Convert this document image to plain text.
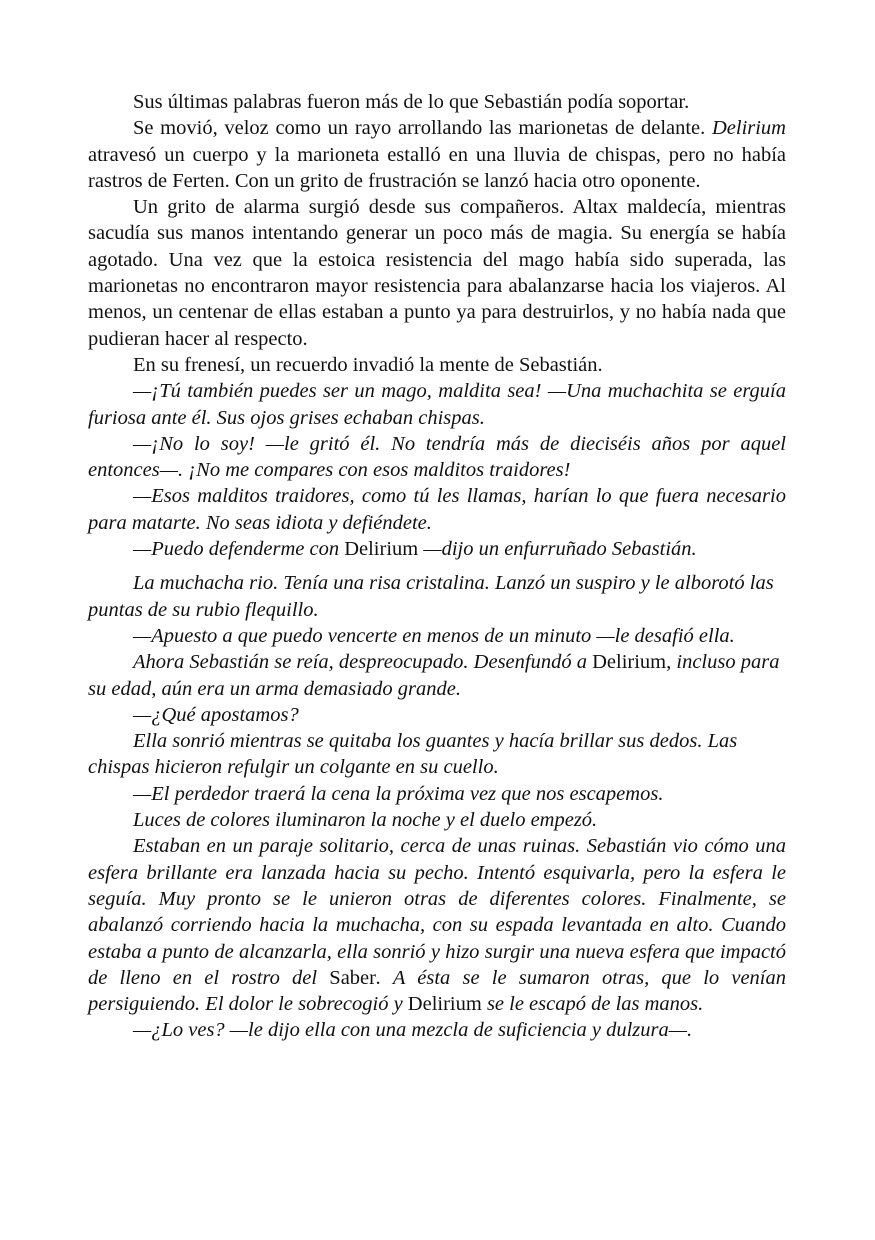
Sus últimas palabras fueron más de lo que Sebastián podía soportar.

Se movió, veloz como un rayo arrollando las marionetas de delante. Delirium atravesó un cuerpo y la marioneta estalló en una lluvia de chispas, pero no había rastros de Ferten. Con un grito de frustración se lanzó hacia otro oponente.

Un grito de alarma surgió desde sus compañeros. Altax maldecía, mientras sacudía sus manos intentando generar un poco más de magia. Su energía se había agotado. Una vez que la estoica resistencia del mago había sido superada, las marionetas no encontraron mayor resistencia para abalanzarse hacia los viajeros. Al menos, un centenar de ellas estaban a punto ya para destruirlos, y no había nada que pudieran hacer al respecto.

En su frenesí, un recuerdo invadió la mente de Sebastián.

—¡Tú también puedes ser un mago, maldita sea! —Una muchachita se erguía furiosa ante él. Sus ojos grises echaban chispas.

—¡No lo soy! —le gritó él. No tendría más de dieciséis años por aquel entonces—. ¡No me compares con esos malditos traidores!

—Esos malditos traidores, como tú les llamas, harían lo que fuera necesario para matarte. No seas idiota y defiéndete.

—Puedo defenderme con Delirium —dijo un enfurruñado Sebastián.

La muchacha rio. Tenía una risa cristalina. Lanzó un suspiro y le alborotó las puntas de su rubio flequillo.

—Apuesto a que puedo vencerte en menos de un minuto —le desafió ella.

Ahora Sebastián se reía, despreocupado. Desenfundó a Delirium, incluso para su edad, aún era un arma demasiado grande.

—¿Qué apostamos?

Ella sonrió mientras se quitaba los guantes y hacía brillar sus dedos. Las chispas hicieron refulgir un colgante en su cuello.

—El perdedor traerá la cena la próxima vez que nos escapemos.

Luces de colores iluminaron la noche y el duelo empezó.

Estaban en un paraje solitario, cerca de unas ruinas. Sebastián vio cómo una esfera brillante era lanzada hacia su pecho. Intentó esquivarla, pero la esfera le seguía. Muy pronto se le unieron otras de diferentes colores. Finalmente, se abalanzó corriendo hacia la muchacha, con su espada levantada en alto. Cuando estaba a punto de alcanzarla, ella sonrió y hizo surgir una nueva esfera que impactó de lleno en el rostro del Saber. A ésta se le sumaron otras, que lo venían persiguiendo. El dolor le sobrecogió y Delirium se le escapó de las manos.

—¿Lo ves? —le dijo ella con una mezcla de suficiencia y dulzura—.
